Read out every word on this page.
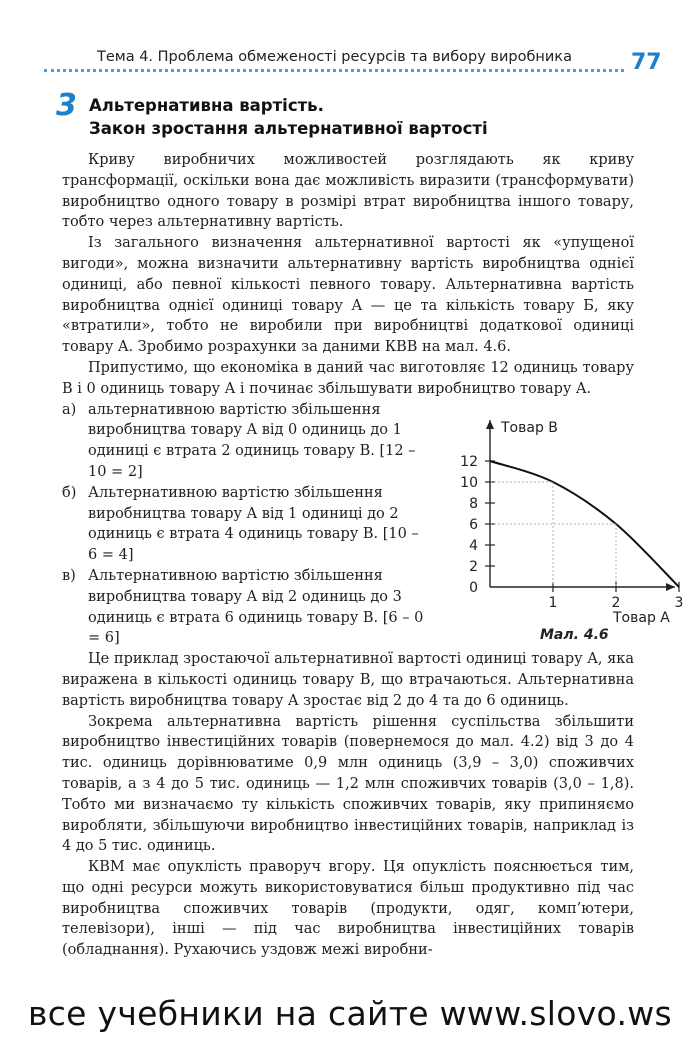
Тема 4. Проблема обмеженості ресурсів та вибору виробника	77
3 Альтернативна вартість.
Закон зростання альтернативної вартості

Криву виробничих можливостей розглядають як криву трансформації, оскільки вона дає можливість виразити (трансформувати) виробництво одного товару в розмірі втрат виробництва іншого товару, тобто через альтернативну вартість.

Із загального визначення альтернативної вартості як «упущеної вигоди», можна визначити альтернативну вартість виробництва однієї одиниці, або певної кількості певного товару. Альтернативна вартість виробництва однієї одиниці товару A — це та кількість товару Б, яку «втратили», тобто не виробили при виробництві додаткової одиниці товару A. Зробимо розрахунки за даними КВВ на мал. 4.6.

Припустимо, що економіка в даний час виготовляє 12 одиниць товару B і 0 одиниць товару A і починає збільшувати виробництво товару A.

а) альтернативною вартістю збільшення виробництва товару A від 0 одиниць до 1 одиниці є втрата 2 одиниць товару B. [12 – 10 = 2]
б) Альтернативною вартістю збільшення виробництва товару A від 1 одиниці до 2 одиниць є втрата 4 одиниць товару B. [10 – 6 = 4]
в) Альтернативною вартістю збільшення виробництва товару A від 2 одиниць до 3 одиниць є втрата 6 одиниць товару B. [6 – 0 = 6]

Це приклад зростаючої альтернативної вартості одиниці товару A, яка виражена в кількості одиниць товару B, що втрачаються. Альтернативна вартість виробництва товару A зростає від 2 до 4 та до 6 одиниць.

Зокрема альтернативна вартість рішення суспільства збільшити виробництво інвестиційних товарів (повернемося до мал. 4.2) від 3 до 4 тис. одиниць дорівнюватиме 0,9 млн одиниць (3,9 – 3,0) споживчих товарів, а з 4 до 5 тис. одиниць — 1,2 млн споживчих товарів (3,0 – 1,8). Тобто ми визначаємо ту кількість споживчих товарів, яку припиняємо виробляти, збільшуючи виробництво інвестиційних товарів, наприклад із 4 до 5 тис. одиниць.

КВМ має опуклість праворуч вгору. Ця опуклість пояснюється тим, що одні ресурси можуть використовуватися більш продуктивно під час виробництва споживчих товарів (продукти, одяг, комп’ютери, телевізори), інші — під час виробництва інвестиційних товарів (обладнання). Рухаючись уздовж межі виробни-

3
2
1
12
10
8
6
4
2
0
Товар B
Товар A
Мал. 4.6
все учебники на сайте www.slovo.ws
